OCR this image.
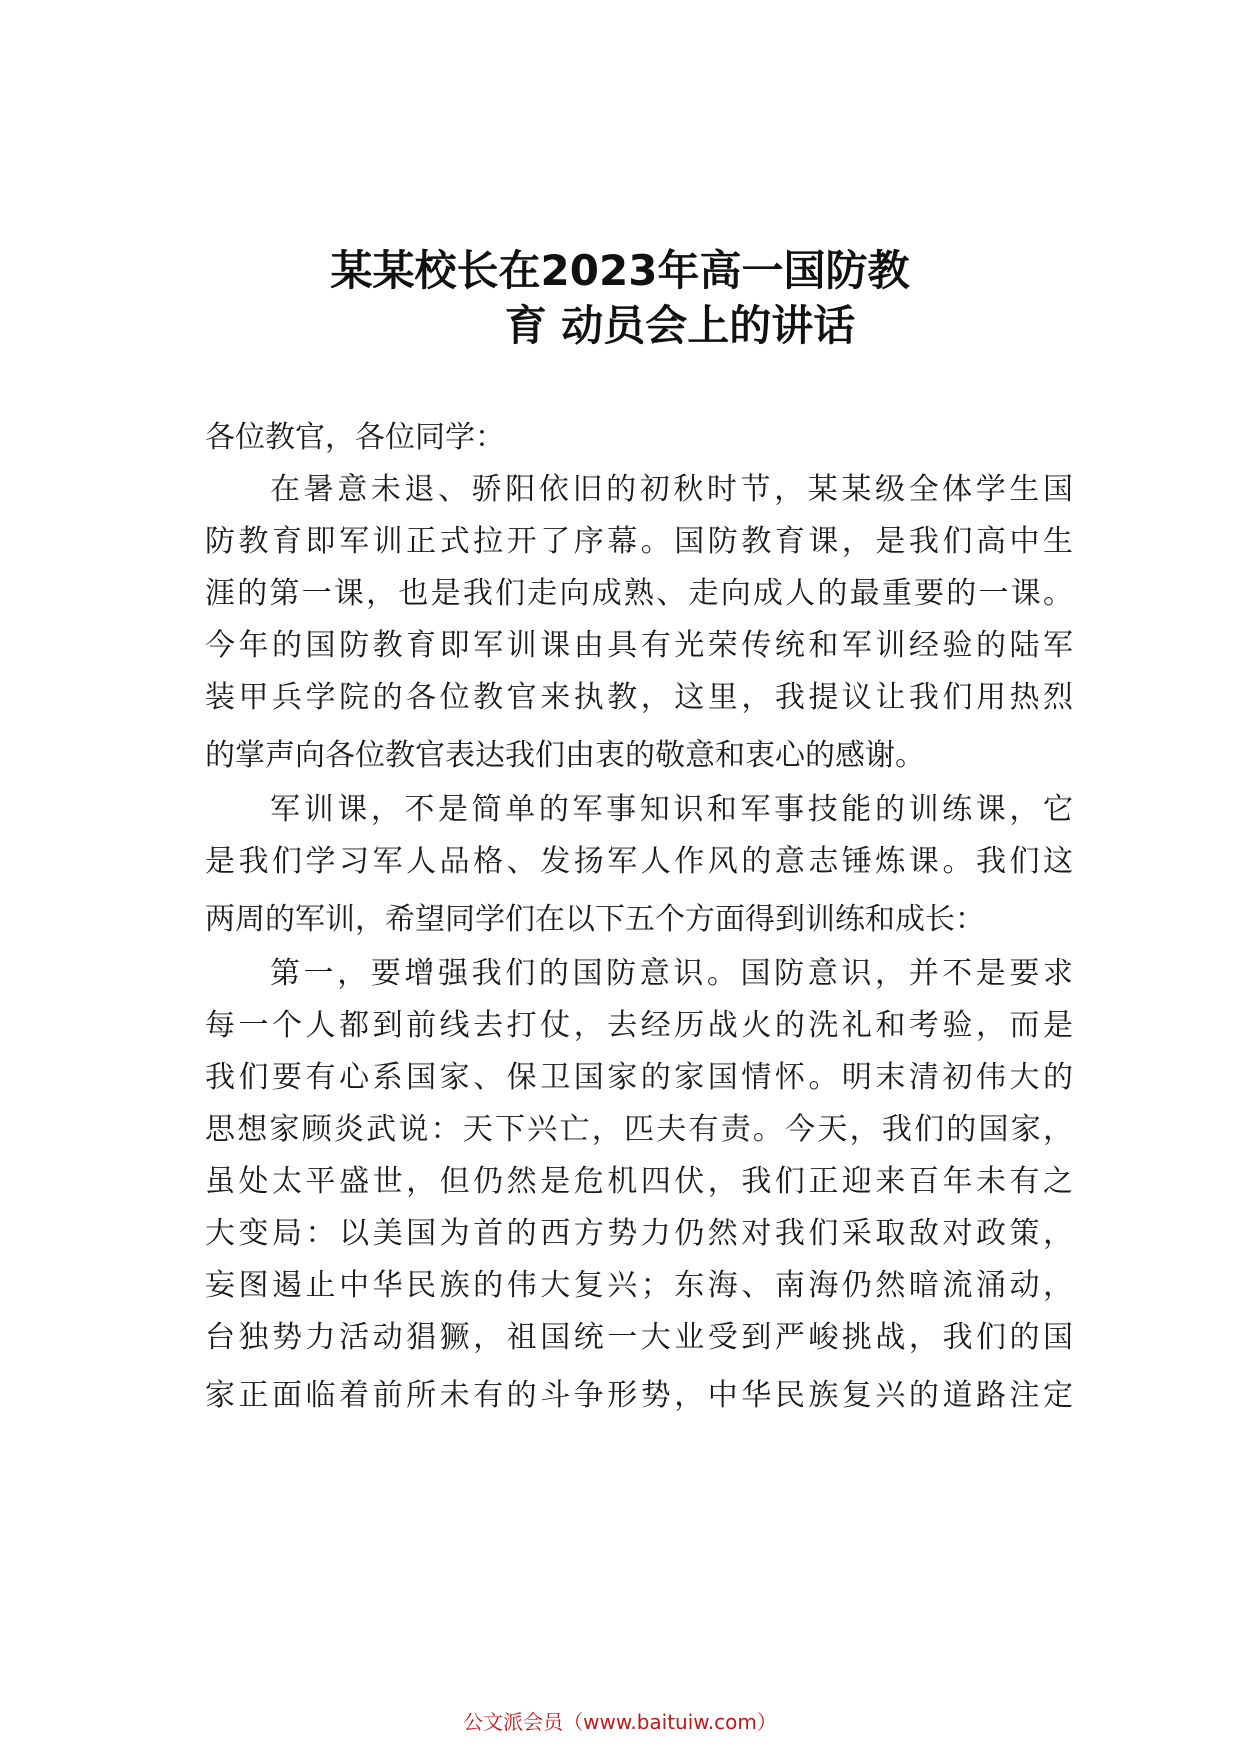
某某校长在2023年高一国防教
育 动员会上的讲话

各位教官，各位同学：

在暑意未退、骄阳依旧的初秋时节，某某级全体学生国

防教育即军训正式拉开了序幕。国防教育课，是我们高中生

涯的第一课，也是我们走向成熟、走向成人的最重要的一课。

今年的国防教育即军训课由具有光荣传统和军训经验的陆军

装甲兵学院的各位教官来执教，这里，我提议让我们用热烈

的掌声向各位教官表达我们由衷的敬意和衷心的感谢。

军训课，不是简单的军事知识和军事技能的训练课，它

是我们学习军人品格、发扬军人作风的意志锤炼课。我们这

两周的军训，希望同学们在以下五个方面得到训练和成长：

第一，要增强我们的国防意识。国防意识，并不是要求

每一个人都到前线去打仗，去经历战火的洗礼和考验，而是

我们要有心系国家、保卫国家的家国情怀。明末清初伟大的

思想家顾炎武说：天下兴亡，匹夫有责。今天，我们的国家，

虽处太平盛世，但仍然是危机四伏，我们正迎来百年未有之

大变局：以美国为首的西方势力仍然对我们采取敌对政策，

妄图遏止中华民族的伟大复兴；东海、南海仍然暗流涌动，

台独势力活动猖獗，祖国统一大业受到严峻挑战，我们的国

家正面临着前所未有的斗争形势，中华民族复兴的道路注定

公文派会员（www.baituiw.com）
